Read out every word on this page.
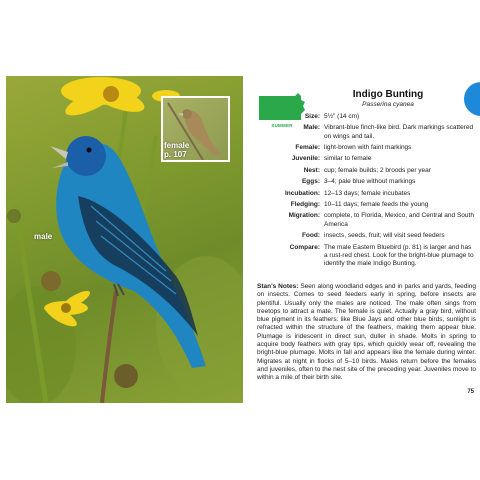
female
p. 107
male
SUMMER
Indigo Bunting
Passerina cyanea
Size: 5½" (14 cm)
Male: Vibrant-blue finch-like bird. Dark markings scattered on wings and tail.
Female: light-brown with faint markings
Juvenile: similar to female
Nest: cup; female builds; 2 broods per year
Eggs: 3–4; pale blue without markings
Incubation: 12–13 days; female incubates
Fledging: 10–11 days; female feeds the young
Migration: complete, to Florida, Mexico, and Central and South America
Food: insects, seeds, fruit; will visit seed feeders
Compare: The male Eastern Bluebird (p. 81) is larger and has a rust-red chest. Look for the bright-blue plumage to identify the male Indigo Bunting.
Stan's Notes: Seen along woodland edges and in parks and yards, feeding on insects. Comes to seed feeders early in spring, before insects are plentiful. Usually only the males are noticed. The male often sings from treetops to attract a mate. The female is quiet. Actually a gray bird, without blue pigment in its feathers: like Blue Jays and other blue birds, sunlight is refracted within the structure of the feathers, making them appear blue. Plumage is iridescent in direct sun, duller in shade. Molts in spring to acquire body feathers with gray tips, which quickly wear off, revealing the bright-blue plumage. Molts in fall and appears like the female during winter. Migrates at night in flocks of 5–10 birds. Males return before the females and juveniles, often to the nest site of the preceding year. Juveniles move to within a mile of their birth site.
75
